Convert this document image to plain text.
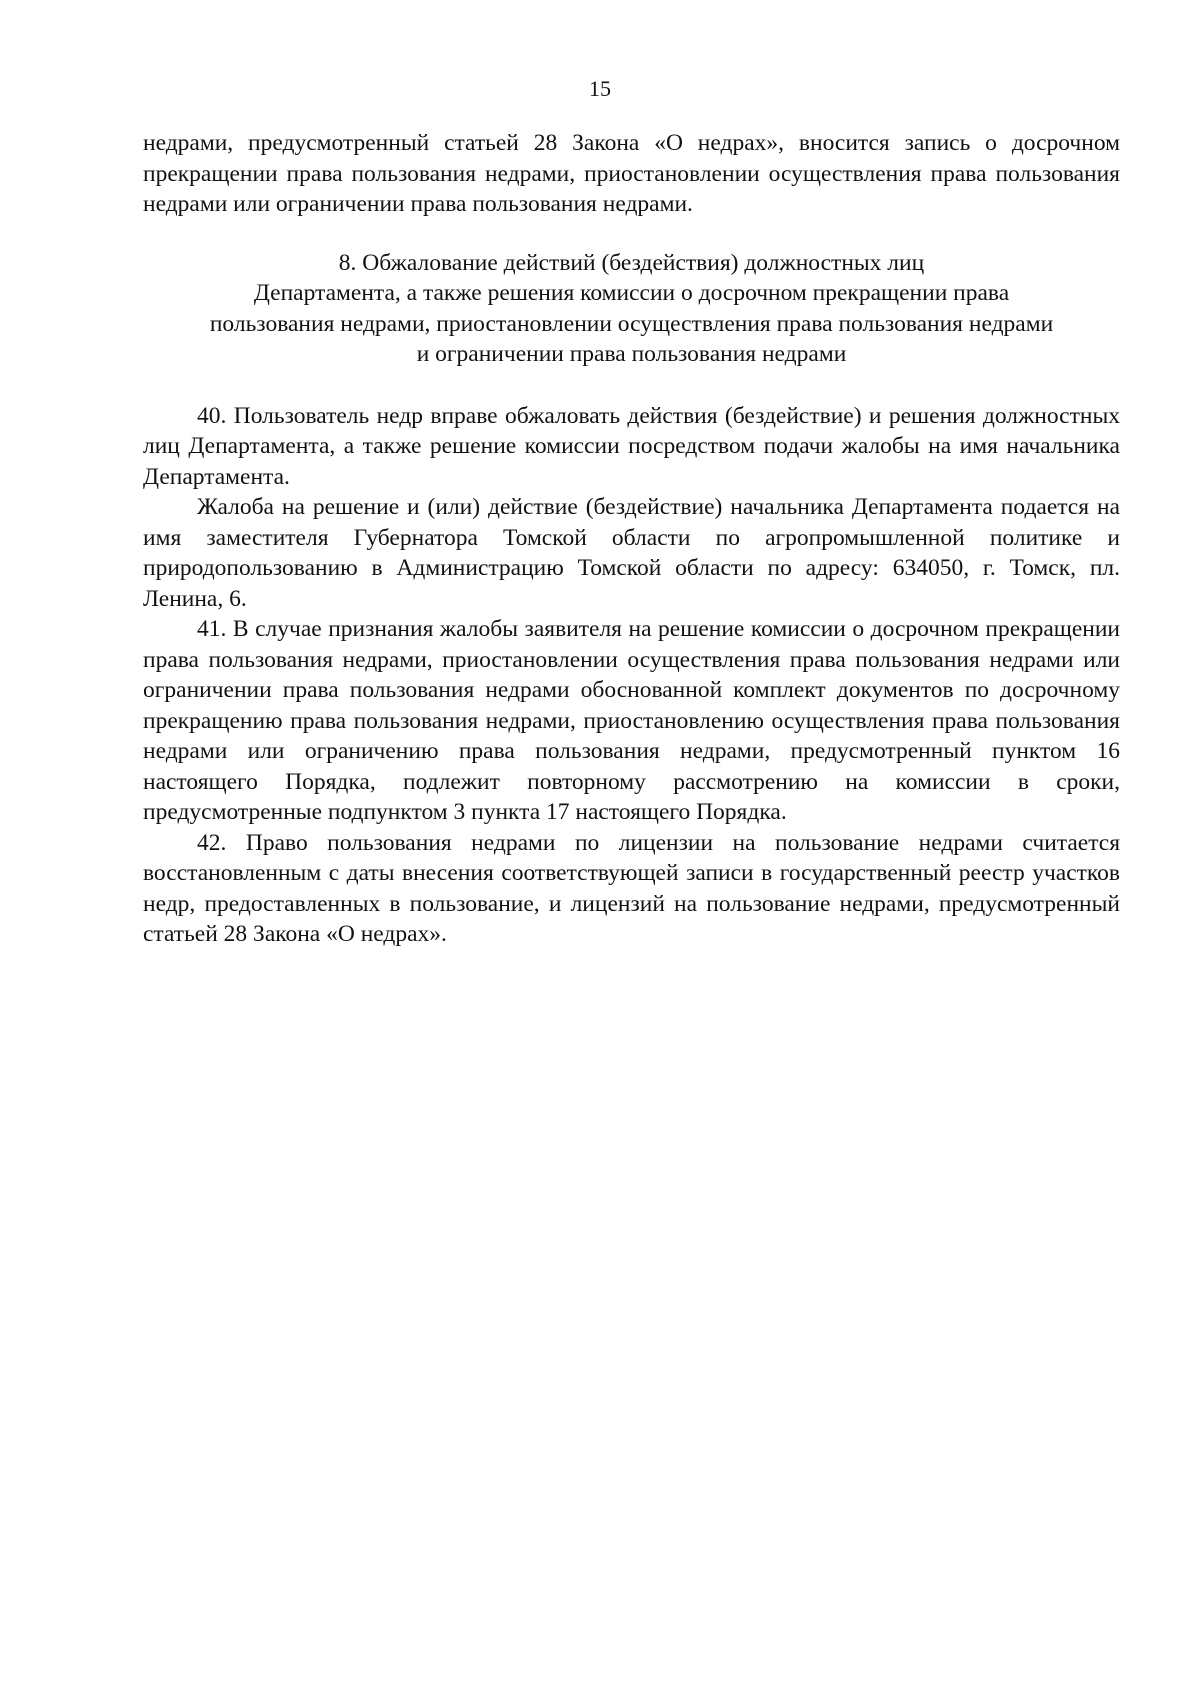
15

недрами, предусмотренный статьей 28 Закона «О недрах», вносится запись о досрочном прекращении права пользования недрами, приостановлении осуществления права пользования недрами или ограничении права пользования недрами.

8. Обжалование действий (бездействия) должностных лиц
Департамента, а также решения комиссии о досрочном прекращении права
пользования недрами, приостановлении осуществления права пользования недрами
и ограничении права пользования недрами

40. Пользователь недр вправе обжаловать действия (бездействие) и решения должностных лиц Департамента, а также решение комиссии посредством подачи жалобы на имя начальника Департамента.

Жалоба на решение и (или) действие (бездействие) начальника Департамента подается на имя заместителя Губернатора Томской области по агропромышленной политике и природопользованию в Администрацию Томской области по адресу: 634050, г. Томск, пл. Ленина, 6.

41. В случае признания жалобы заявителя на решение комиссии о досрочном прекращении права пользования недрами, приостановлении осуществления права пользования недрами или ограничении права пользования недрами обоснованной комплект документов по досрочному прекращению права пользования недрами, приостановлению осуществления права пользования недрами или ограничению права пользования недрами, предусмотренный пунктом 16 настоящего Порядка, подлежит повторному рассмотрению на комиссии в сроки, предусмотренные подпунктом 3 пункта 17 настоящего Порядка.

42. Право пользования недрами по лицензии на пользование недрами считается восстановленным с даты внесения соответствующей записи в государственный реестр участков недр, предоставленных в пользование, и лицензий на пользование недрами, предусмотренный статьей 28 Закона «О недрах».
